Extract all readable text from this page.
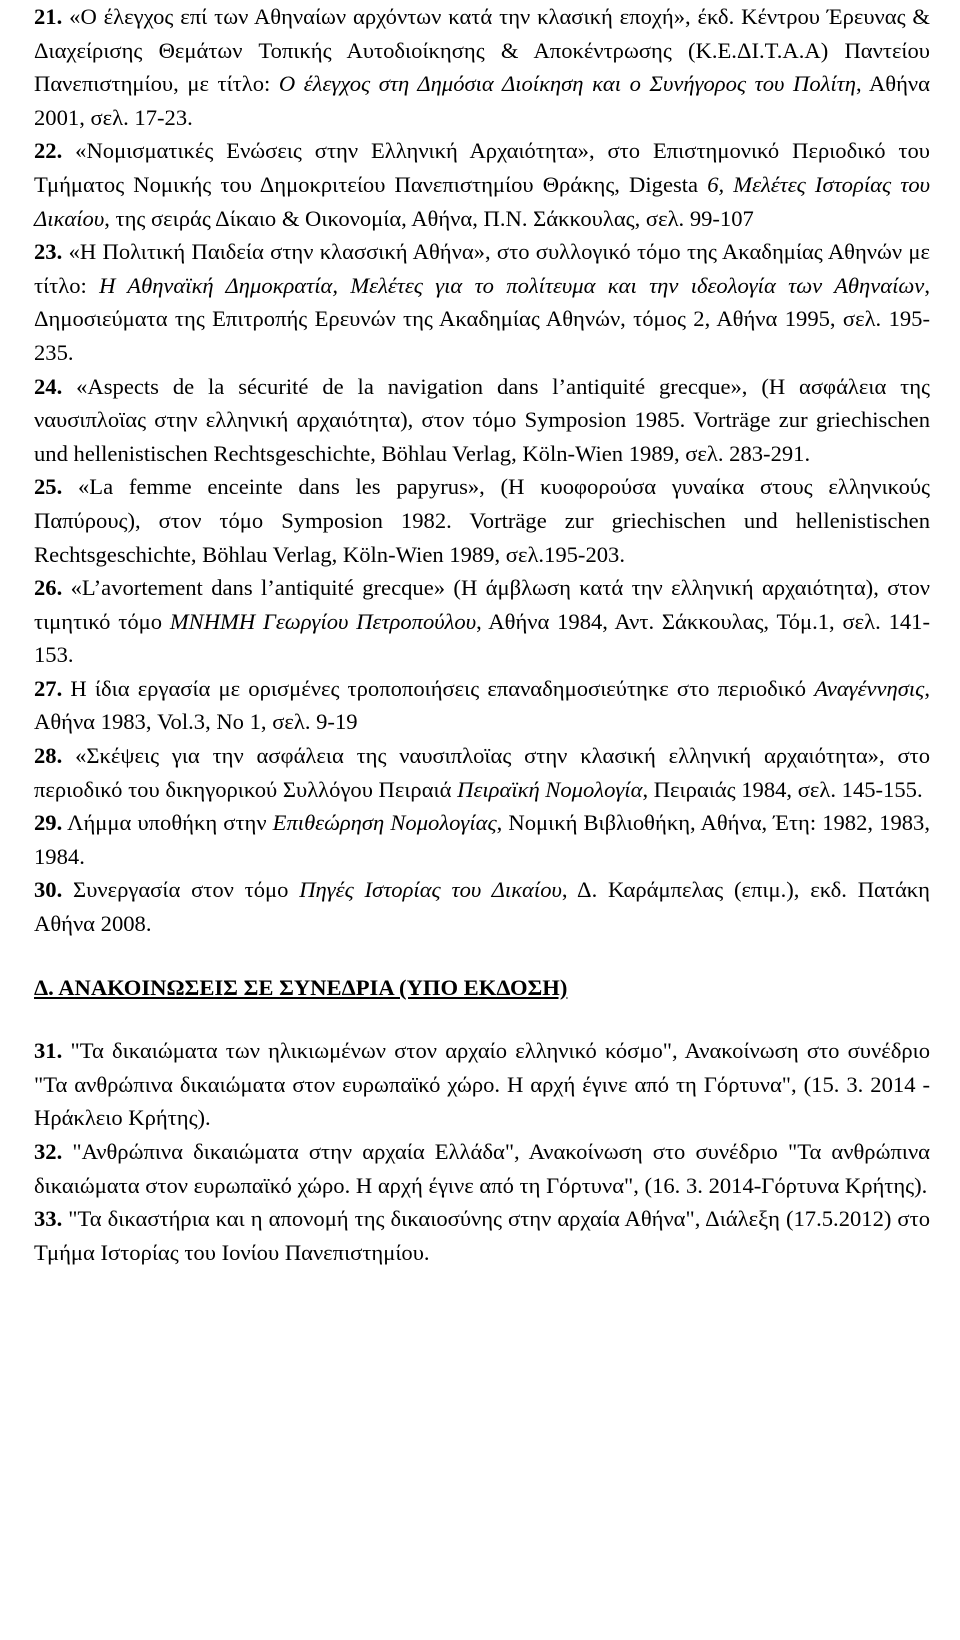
21. «Ο έλεγχος επί των Αθηναίων αρχόντων κατά την κλασική εποχή», έκδ. Κέντρου Έρευνας & Διαχείρισης Θεμάτων Τοπικής Αυτοδιοίκησης & Αποκέντρωσης (Κ.Ε.ΔΙ.Τ.Α.Α) Παντείου Πανεπιστημίου, με τίτλο: Ο έλεγχος στη Δημόσια Διοίκηση και ο Συνήγορος του Πολίτη, Αθήνα 2001, σελ. 17-23.

22. «Νομισματικές Ενώσεις στην Ελληνική Αρχαιότητα», στο Επιστημονικό Περιοδικό του Τμήματος Νομικής του Δημοκριτείου Πανεπιστημίου Θράκης, Digesta 6, Μελέτες Ιστορίας του Δικαίου, της σειράς Δίκαιο & Οικονομία, Αθήνα, Π.Ν. Σάκκουλας, σελ. 99-107

23. «Η Πολιτική Παιδεία στην κλασσική Αθήνα», στο συλλογικό τόμο της Ακαδημίας Αθηνών με τίτλο: Η Αθηναϊκή Δημοκρατία, Μελέτες για το πολίτευμα και την ιδεολογία των Αθηναίων, Δημοσιεύματα της Επιτροπής Ερευνών της Ακαδημίας Αθηνών, τόμος 2, Αθήνα 1995, σελ. 195-235.

24. «Aspects de la sécurité de la navigation dans l’antiquité grecque», (Η ασφάλεια της ναυσιπλοϊας στην ελληνική αρχαιότητα), στον τόμο Symposion 1985. Vorträge zur griechischen und hellenistischen Rechtsgeschichte, Böhlau Verlag, Köln-Wien 1989, σελ. 283-291.

25. «La femme enceinte dans les papyrus», (Η κυοφορούσα γυναίκα στους ελληνικούς Παπύρους), στον τόμο Symposion 1982. Vorträge zur griechischen und hellenistischen Rechtsgeschichte, Böhlau Verlag, Köln-Wien 1989, σελ.195-203.

26. «L’avortement dans l’antiquité grecque» (Η άμβλωση κατά την ελληνική αρχαιότητα), στον τιμητικό τόμο ΜΝΗΜΗ Γεωργίου Πετροπούλου, Αθήνα 1984, Αντ. Σάκκουλας, Τόμ.1, σελ. 141-153.

27. Η ίδια εργασία με ορισμένες τροποποιήσεις επαναδημοσιεύτηκε στο περιοδικό Αναγέννησις, Αθήνα 1983, Vol.3, No 1, σελ. 9-19

28. «Σκέψεις για την ασφάλεια της ναυσιπλοϊας στην κλασική ελληνική αρχαιότητα», στο περιοδικό του δικηγορικού Συλλόγου Πειραιά Πειραϊκή Νομολογία, Πειραιάς 1984, σελ. 145-155.

29. Λήμμα υποθήκη στην Επιθεώρηση Νομολογίας, Νομική Βιβλιοθήκη, Αθήνα, Έτη: 1982, 1983, 1984.

30. Συνεργασία στον τόμο Πηγές Ιστορίας του Δικαίου, Δ. Καράμπελας (επιμ.), εκδ. Πατάκη Αθήνα 2008.

Δ. ΑΝΑΚΟΙΝΩΣΕΙΣ ΣΕ ΣΥΝΕΔΡΙΑ (ΥΠΟ ΕΚΔΟΣΗ)

31. "Τα δικαιώματα των ηλικιωμένων στον αρχαίο ελληνικό κόσμο", Ανακοίνωση στο συνέδριο "Τα ανθρώπινα δικαιώματα στον ευρωπαϊκό χώρο. Η αρχή έγινε από τη Γόρτυνα", (15. 3. 2014 - Ηράκλειο Κρήτης).

32. "Ανθρώπινα δικαιώματα στην αρχαία Ελλάδα", Ανακοίνωση στο συνέδριο "Τα ανθρώπινα δικαιώματα στον ευρωπαϊκό χώρο. Η αρχή έγινε από τη Γόρτυνα", (16. 3. 2014-Γόρτυνα Κρήτης).

33. "Τα δικαστήρια και η απονομή της δικαιοσύνης στην αρχαία Αθήνα", Διάλεξη (17.5.2012) στο Τμήμα Ιστορίας του Ιονίου Πανεπιστημίου.
